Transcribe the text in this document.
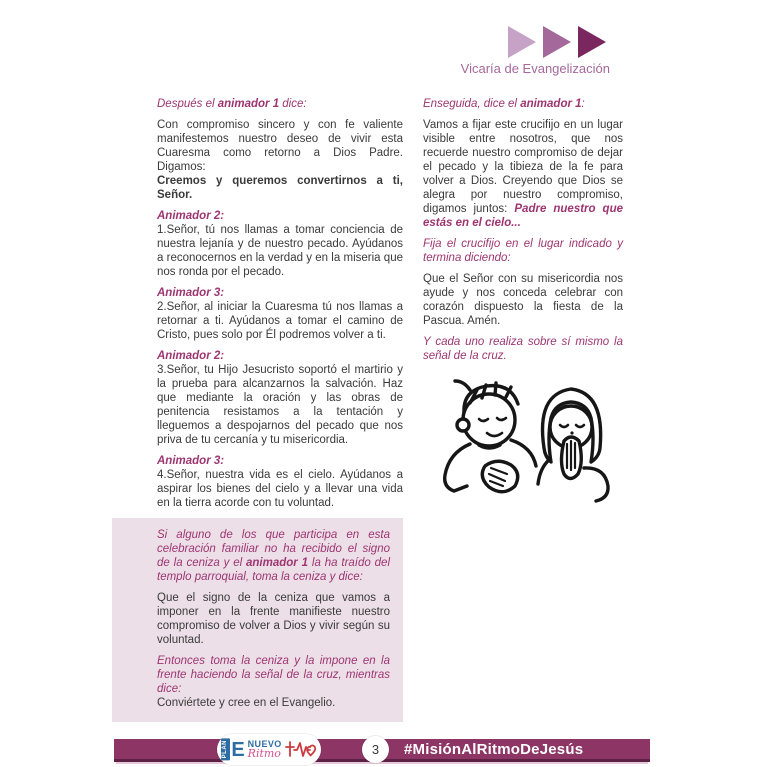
Vicaría de Evangelización

Después el animador 1 dice:

Con compromiso sincero y con fe valiente manifestemos nuestro deseo de vivir esta Cuaresma como retorno a Dios Padre. Digamos:

Creemos y queremos convertirnos a ti, Señor.

Animador 2:

1.Señor, tú nos llamas a tomar conciencia de nuestra lejanía y de nuestro pecado. Ayúdanos a reconocernos en la verdad y en la miseria que nos ronda por el pecado.

Animador 3:

2.Señor, al iniciar la Cuaresma tú nos llamas a retornar a ti. Ayúdanos a tomar el camino de Cristo, pues solo por Él podremos volver a ti.

Animador 2:

3.Señor, tu Hijo Jesucristo soportó el martirio y la prueba para alcanzarnos la salvación. Haz que mediante la oración y las obras de penitencia resistamos a la tentación y lleguemos a despojarnos del pecado que nos priva de tu cercanía y tu misericordia.

Animador 3:

4.Señor, nuestra vida es el cielo. Ayúdanos a aspirar los bienes del cielo y a llevar una vida en la tierra acorde con tu voluntad.

Enseguida, dice el animador 1:

Vamos a fijar este crucifijo en un lugar visible entre nosotros, que nos recuerde nuestro compromiso de dejar el pecado y la tibieza de la fe para volver a Dios. Creyendo que Dios se alegra por nuestro compromiso, digamos juntos: Padre nuestro que estás en el cielo...

Fija el crucifijo en el lugar indicado y termina diciendo:

Que el Señor con su misericordia nos ayude y nos conceda celebrar con corazón dispuesto la fiesta de la Pascua. Amén.

Y cada uno realiza sobre sí mismo la señal de la cruz.

Si alguno de los que participa en esta celebración familiar no ha recibido el signo de la ceniza y el animador 1 la ha traído del templo parroquial, toma la ceniza y dice:

Que el signo de la ceniza que vamos a imponer en la frente manifieste nuestro compromiso de volver a Dios y vivir según su voluntad.

Entonces toma la ceniza y la impone en la frente haciendo la señal de la cruz, mientras dice:

Conviértete y cree en el Evangelio.

PLAN E NUEVO
Ritmo	3 #MisiónAlRitmoDeJesús
